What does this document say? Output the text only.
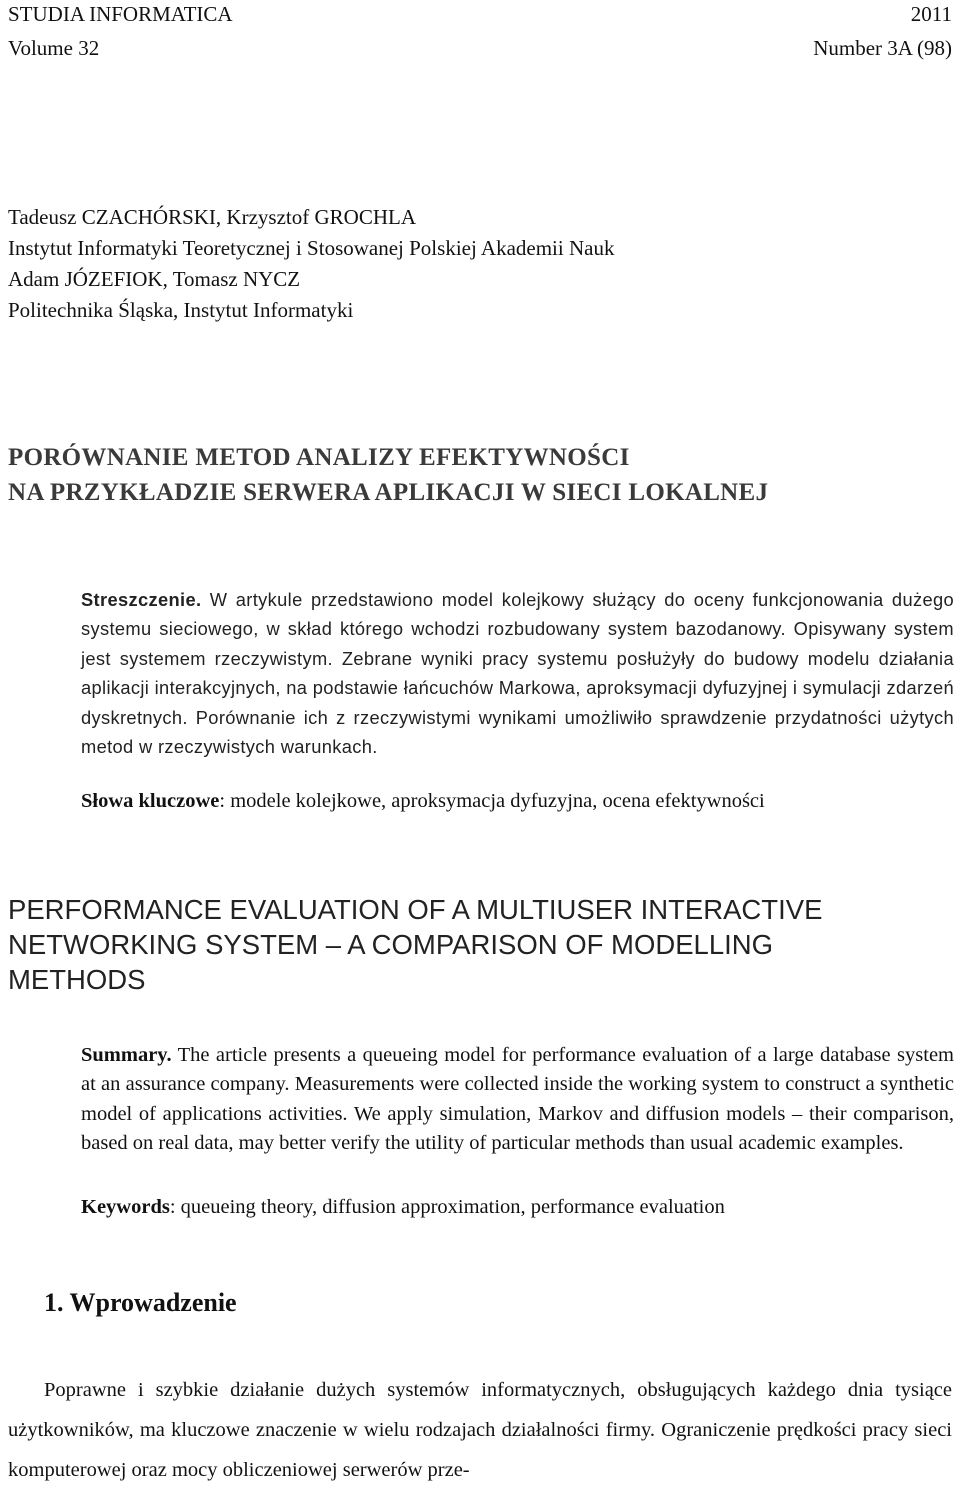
STUDIA INFORMATICA	2011
Volume 32	Number 3A (98)
Tadeusz CZACHÓRSKI, Krzysztof GROCHLA
Instytut Informatyki Teoretycznej i Stosowanej Polskiej Akademii Nauk
Adam JÓZEFIOK, Tomasz NYCZ
Politechnika Śląska, Instytut Informatyki
PORÓWNANIE METOD ANALIZY EFEKTYWNOŚCI
NA PRZYKŁADZIE SERWERA APLIKACJI W SIECI LOKALNEJ
Streszczenie. W artykule przedstawiono model kolejkowy służący do oceny funkcjonowania dużego systemu sieciowego, w skład którego wchodzi rozbudowany system bazodanowy. Opisywany system jest systemem rzeczywistym. Zebrane wyniki pracy systemu posłużyły do budowy modelu działania aplikacji interakcyjnych, na podstawie łańcuchów Markowa, aproksymacji dyfuzyjnej i symulacji zdarzeń dyskretnych. Porównanie ich z rzeczywistymi wynikami umożliwiło sprawdzenie przydatności użytych metod w rzeczywistych warunkach.
Słowa kluczowe: modele kolejkowe, aproksymacja dyfuzyjna, ocena efektywności
PERFORMANCE EVALUATION OF A MULTIUSER INTERACTIVE
NETWORKING SYSTEM – A COMPARISON OF MODELLING
METHODS
Summary. The article presents a queueing model for performance evaluation of a large database system at an assurance company. Measurements were collected inside the working system to construct a synthetic model of applications activities. We apply simulation, Markov and diffusion models – their comparison, based on real data, may better verify the utility of particular methods than usual academic examples.
Keywords: queueing theory, diffusion approximation, performance evaluation
1. Wprowadzenie
Poprawne i szybkie działanie dużych systemów informatycznych, obsługujących każdego dnia tysiące użytkowników, ma kluczowe znaczenie w wielu rodzajach działalności firmy. Ograniczenie prędkości pracy sieci komputerowej oraz mocy obliczeniowej serwerów prze-
